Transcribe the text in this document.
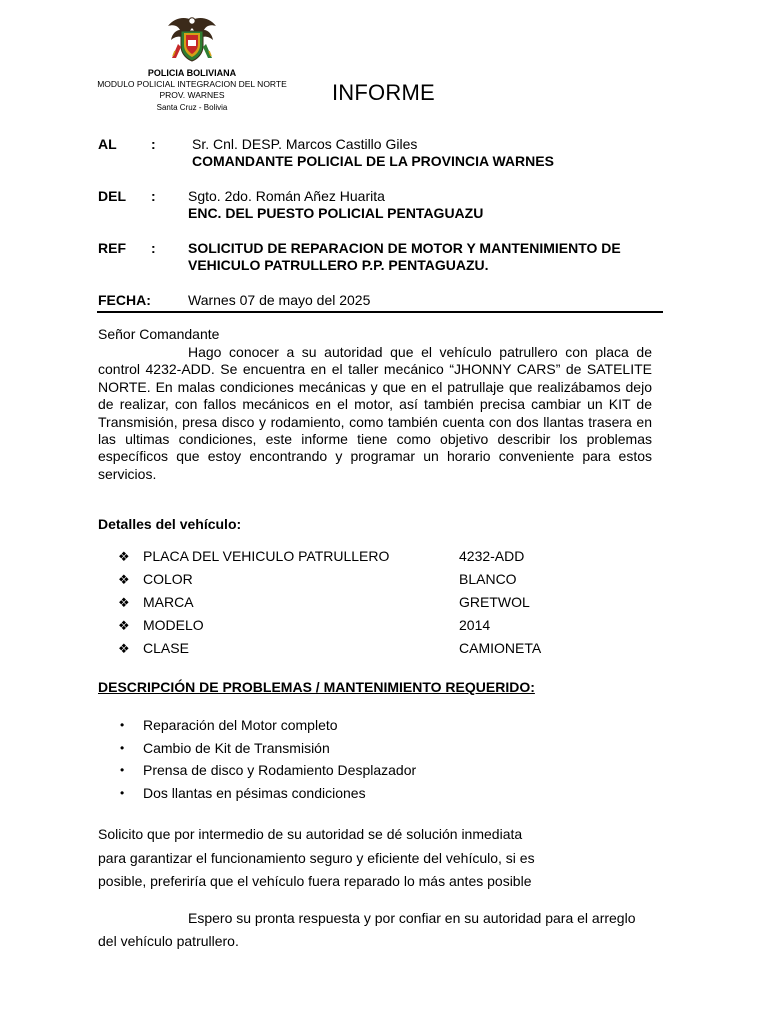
POLICIA BOLIVIANA
MODULO POLICIAL INTEGRACION DEL NORTE
PROV. WARNES
Santa Cruz - Bolivia
INFORME
AL :	Sr. Cnl. DESP. Marcos Castillo Giles
COMANDANTE POLICIAL DE LA PROVINCIA WARNES
DEL : Sgto. 2do. Román Añez Huarita
ENC. DEL PUESTO POLICIAL PENTAGUAZU
REF : SOLICITUD DE REPARACION DE MOTOR Y MANTENIMIENTO DE
VEHICULO PATRULLERO P.P. PENTAGUAZU.
FECHA:	Warnes 07 de mayo del 2025
Señor Comandante
Hago conocer a su autoridad que el vehículo patrullero con placa de control 4232-ADD. Se encuentra en el taller mecánico “JHONNY CARS” de SATELITE NORTE. En malas condiciones mecánicas y que en el patrullaje que realizábamos dejo de realizar, con fallos mecánicos en el motor, así también precisa cambiar un KIT de Transmisión, presa disco y rodamiento, como también cuenta con dos llantas trasera en las ultimas condiciones, este informe tiene como objetivo describir los problemas específicos que estoy encontrando y programar un horario conveniente para estos servicios.
Detalles del vehículo:
❖ PLACA DEL VEHICULO PATRULLERO	4232-ADD
❖ COLOR	BLANCO
❖ MARCA	GRETWOL
❖ MODELO	2014
❖ CLASE	CAMIONETA
DESCRIPCIÓN DE PROBLEMAS / MANTENIMIENTO REQUERIDO:
• Reparación del Motor completo
• Cambio de Kit de Transmisión
• Prensa de disco y Rodamiento Desplazador
• Dos llantas en pésimas condiciones
Solicito que por intermedio de su autoridad se dé solución inmediata
para garantizar el funcionamiento seguro y eficiente del vehículo, si es
posible, preferiría que el vehículo fuera reparado lo más antes posible
Espero su pronta respuesta y por confiar en su autoridad para el arreglo
del vehículo patrullero.
